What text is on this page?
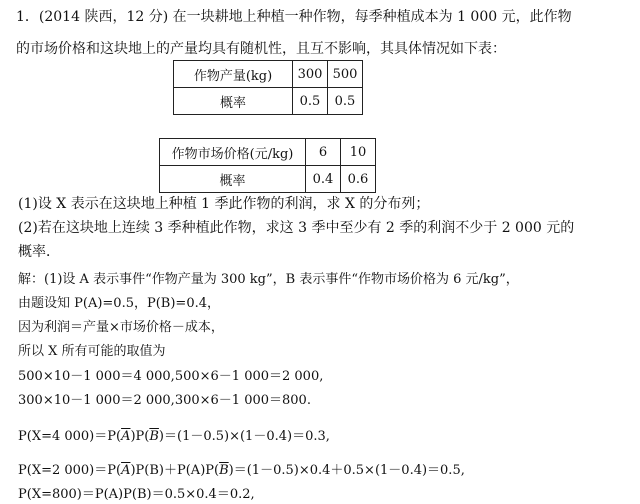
1．(2014 陕西，12 分) 在一块耕地上种植一种作物，每季种植成本为 1 000 元，此作物
的市场价格和这块地上的产量均具有随机性，且互不影响，其具体情况如下表：
作物产量(kg)	300	500
概率	0.5	0.5
作物市场价格(元/kg)	6	10
概率	0.4	0.6
(1)设 X 表示在这块地上种植 1 季此作物的利润，求 X 的分布列；
(2)若在这块地上连续 3 季种植此作物，求这 3 季中至少有 2 季的利润不少于 2 000 元的
概率．
解：(1)设 A 表示事件“作物产量为 300 kg”，B 表示事件“作物市场价格为 6 元/kg”，
由题设知 P(A)=0.5，P(B)=0.4，
因为利润＝产量×市场价格－成本，
所以 X 所有可能的取值为
500×10－1 000＝4 000,500×6－1 000＝2 000,
300×10－1 000＝2 000,300×6－1 000＝800.
P(X=4 $000)=P(\overline{A})P(\overline{B})=(1-0.5)\times(1-0.4)=0.3$,
P(X=2 $000)=P(\overline{A})P(B)+P(A)P(\overline{B})=(1-0.5)\times 0.4+0.5\times(1-0.4)=0.5$,
P(X=800)＝P(A)P(B)＝0.5×0.4＝0.2,
